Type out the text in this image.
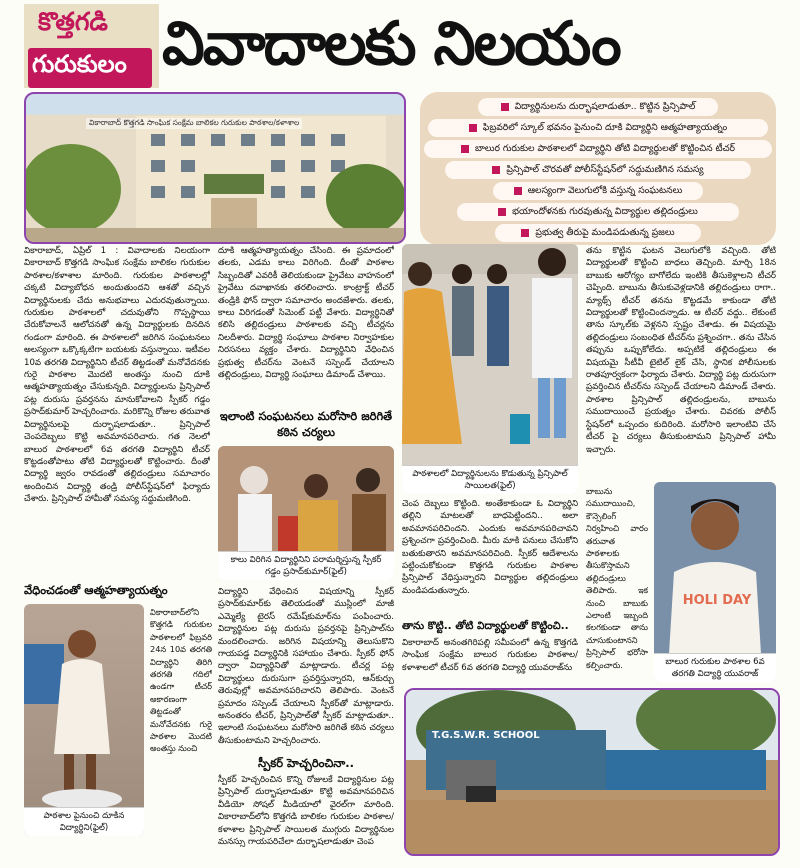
కొత్తగడి
గురుకులం వివాదాలకు నిలయం
వికారాబాద్ కొత్తగడి సాంఘిక సంక్షేమ బాలికల గురుకుల పాఠశాల/కళాశాల
విద్యార్థినులను దుర్భాషలాడుతూ.. కొట్టిన ప్రిన్సిపాల్
ఫిబ్రవరిలో స్కూల్ భవనం పైనుంచి దూకి విద్యార్థిని ఆత్మహత్యాయత్నం
బాలుర గురుకుల పాఠశాలలో విద్యార్థిని తోటి విద్యార్థుల‌తో కొట్టించిన టీచర్
ప్రిన్సిపాల్ చొరవతో పోలీస్‌స్టేషన్‌లో సద్దుమణిగిన సమస్య
ఆలస్యంగా వెలుగులోకి వస్తున్న సంఘటనలు
భయాందోళనకు గురవుతున్న విద్యార్థుల తల్లిదండ్రులు
ప్రభుత్వ తీరుపై మండిపడుతున్న ప్రజలు
వికారాబాద్, ఏప్రిల్ 1 : వివాదాలకు నిలయంగా వికారాబాద్ కొత్తగడి సాంఘిక సంక్షేమ బాలికల గురుకుల పాఠశాల/కళాశాల మారింది. గురుకుల పాఠశాలల్లో చక్కటి విద్యాబోధన అందుతుందని ఆశతో వచ్చిన విద్యార్థినులకు చేదు అనుభవాలు ఎదురవుతున్నాయి. గురుకుల పాఠశాలలో చదువుతోని గొప్పస్థాయి చేరుకోవాలనే ఆలోచనతో ఉన్న విద్యార్థులకు దినదిన గండంగా మారింది. ఈ పాఠశాలలో జరిగిన సంఘటనలు అలస్యంగా ఒక్కొక్కటిగా బయటకు వస్తున్నాయి. ఇటీవల 10వ తరగతి విద్యార్థినిని టీచర్ తిట్టడంతో మనోవేదనకు గురై పాఠశాల మొదటి అంతస్తు నుంచి దూకి ఆత్మహత్యాయత్నం చేసుకున్నది. విద్యార్థులను ప్రిన్సిపాల్ పట్ల దురుసు ప్రవర్తనను మానుకోవాలని స్పీకర్ గడ్డం ప్రసాద్‌కుమార్ హెచ్చరించారు. మరికొన్ని రోజుల తరువాత విద్యార్థినులపై దుర్భాషలాడుతూ.. ప్రిన్సిపాల్ చెంపదెబ్బలు కొట్టి అవమానపరిచారు. గత నెలలో బాలుర పాఠశాలలో 6వ తరగతి విద్యార్థిని టీచర్ కొట్టడంతోపాటు తోటి విద్యార్థులతో కొట్టించారు. దీంతో విద్యార్థి జ్వరం రావడంతో తల్లిదండ్రులు సమాచారం అందించిన విద్యార్థి తండ్రి పోలీస్‌స్టేషన్‌లో ఫిర్యాదు చేశారు. ప్రిన్సిపాల్ హామీతో సమస్య సద్దుమణిగింది.
వేధించడంతో ఆత్మహత్యాయత్నం
పాఠశాల పైనుంచి దూకిన విద్యార్థిని(ఫైల్)
వికారాబాద్‌లోని కొత్తగడి గురుకుల పాఠశాలలో ఫిబ్రవరి 24న 10వ తరగతి విద్యార్థిని తిరిగి తరగతి గదిలో ఉండగా టీచర్ అకారణంగా తిట్టడంతో మనోవేదనకు గురై పాఠశాల మొదటి అంతస్తు నుంచి
దూకి ఆత్మహత్యాయత్నం చేసింది. ఈ ప్రమాదంలో తలకు, ఎడమ కాలు విరిగింది. దీంతో పాఠశాల సిబ్బందితో ఎవరికీ తెలియకుండా ప్రైవేటు వాహనంలో ప్రైవేటు దవాఖానకు తరలించారు. కాంట్రాక్ట్ టీచర్ తండ్రికి ఫోన్ ద్వారా సమాచారం అందజేశారు. తలకు, కాలు విరిగడంతో సిమెంట్ పట్టీ వేశారు. విద్యార్థినితో కలిసి తల్లిదండ్రులు పాఠశాలకు వచ్చి టీచర్లను నిలదీశారు. విద్యార్థి సంఘాలు పాఠశాల నిర్వాహకుల నిరసనలు వ్యక్తం చేశారు. విద్యార్థినిని వేధించిన ప్రభుత్వ టీచర్‌ను వెంటనే సస్పెండ్ చేయాలని తల్లిదండ్రులు, విద్యార్థి సంఘాలు డిమాండ్ చేశాయి.
ఇలాంటి సంఘటనలు మరోసారి జరిగితే
కఠిన చర్యలు
కాలు విరిగిన విద్యార్థినిని పరామర్శిస్తున్న స్పీకర్ గడ్డం ప్రసాద్‌కుమార్(ఫైల్)
విద్యార్థిని వేధించిన విషయాన్ని స్పీకర్ ప్రసాద్‌కుమార్‌కు తెలియడంతో ముస్లింలో మాజీ ఎమ్మెల్యే టైరస్ రమేష్‌కుమార్‌ను పంపించారు. విద్యార్థినుల పట్ల దురుసు ప్రవర్తనపై ప్రిన్సిపాల్‌ను మందలించారు. జరిగిన విషయాన్ని తెలుసుకొని గాయపడ్డ విద్యార్థినికి సహాయం చేశారు. స్పీకర్ ఫోన్ ద్వారా విద్యార్థినితో మాట్లాడారు. టీచర్ల పట్ల విద్యార్థులు దురుసుగా ప్రవర్తిస్తున్నారని, ఆన్‌కుర్చు తెరువుల్లో అవమానపరిచారని తెలిపారు. వెంటనే ప్రమాదం సస్పెండ్ చేయాలని స్పీకర్‌తో మాట్లాడారు. అనంతరం టీచర్, ప్రిన్సిపాల్‌తో స్పీకర్ మాట్లాడుతూ.. ఇలాంటి సంఘటనలు మరోసారి జరిగితే కఠిన చర్యలు తీసుకుంటామని హెచ్చరించారు.
స్పీకర్ హెచ్చరించినా..
స్పీకర్ హెచ్చరించిన కొన్ని రోజులకే విద్యార్థినుల పట్ల ప్రిన్సిపాల్ దుర్భాషలాడుతూ కొట్టి అవమానపరిచిన వీడియో సోషల్ మీడియాలో వైరల్‌గా మారింది. వికారాబాద్‌లోని కొత్తగడి బాలికల గురుకుల పాఠశాల/కళాశాల ప్రిన్సిపాల్ సాయిలత ముగ్గురు విద్యార్థినుల మనస్సు గాయపరిచేలా దుర్భాషలాడుతూ చెంప
పాఠశాలలో విద్యార్థినులను కొడుతున్న ప్రిన్సిపాల్ సాయిలత(ఫైల్)
చెంప దెబ్బలు కొట్టింది. అంతేకాకుండా ఓ విద్యార్థిని తల్లిని మాటలతో బాధపెట్టిందని.. అలా అవమానపరిచిందని. ఎందుకు అవమానపరిచావని ప్రశ్నించగా ప్రవర్తించింది. మీరు మాకి పనులు చేసుకోని బతుకుతారని అవమానపరిచింది. స్పీకర్ ఆదేశాలను పట్టించుకోకుండా కొత్తగడి గురుకుల పాఠశాల ప్రిన్సిపాల్ వేధిస్తున్నారని విద్యార్థుల తల్లిదండ్రులు మండిపడుతున్నారు.
తాను కొట్టి.. తోటి విద్యార్థులతో కొట్టించి..
వికారాబాద్ అనంతగిరిపల్లి సమీపంలో ఉన్న కొత్తగడి సాంఘిక సంక్షేమ బాలుర గురుకుల పాఠశాల/కళాశాలలో టీచర్ 6వ తరగతి విద్యార్థి యువరాజ్‌ను
తను కొట్టిన ఘటన వెలుగులోకి వచ్చింది. తోటి విద్యార్థులతో కొట్టించి బాధలు తెచ్చింది. మార్చి 18న బాబుకు ఆరోగ్యం బాగోలేదు ఇంటికి తీసుకెళ్లాలని టీచర్ చెప్పింది. బాబును తీసుకువెళ్లడానికి తల్లిదండ్రులు రాగా.. మ్యాథ్స్ టీచర్ తనను కొట్టడమే కాకుండా తోటి విద్యార్థులతో కొట్టించిందన్నాడు. ఆ టీచర్ వద్దు.. లేకుంటే తాను స్కూల్‌కు వెళ్లనని స్పష్టం చేశాడు. ఈ విషయమై తల్లిదండ్రులు సంబంధిత టీచర్‌ను ప్రశ్నించగా.. తను చేసిన తప్పును ఒప్పుకోలేదు. అప్పటికే తల్లిదండ్రులు ఈ విషయమై సీటీవీ టైటిల్ లైక్ చేసి, స్థానిక పోలీసులకు రాతపూర్వకంగా ఫిర్యాదు చేశారు. విద్యార్థి పట్ల దురుసుగా ప్రవర్తించిన టీచర్‌ను సస్పెండ్ చేయాలని డిమాండ్ చేశారు. పాఠశాల ప్రిన్సిపాల్ తల్లిదండ్రులను, బాబును సముదాయించే ప్రయత్నం చేశారు. చివరకు పోలీస్ స్టేషన్‌లో ఒప్పందం కుదిరింది. మరోసారి ఇలాంటివి చేసే టీచర్ పై చర్యలు తీసుకుంటామని ప్రిన్సిపాల్ హామీ ఇచ్చారు.
బాబును సముదాయించి, కౌన్సెలింగ్ నిర్వహించి వారం తరువాత పాఠశాలకు తీసుకొస్తామని తల్లిదండ్రులు తెలిపారు. ఇక నుంచి బాబుకు ఎలాంటి ఇబ్బంది కలగకుండా తాను చూసుకుంటానని ప్రిన్సిపాల్ భరోసా కల్పించారు.
HOLI DAY
బాలుర గురుకుల పాఠశాల 6వ తరగతి విద్యార్థి యువరాజ్
T.G.S.W.R. SCHOOL
